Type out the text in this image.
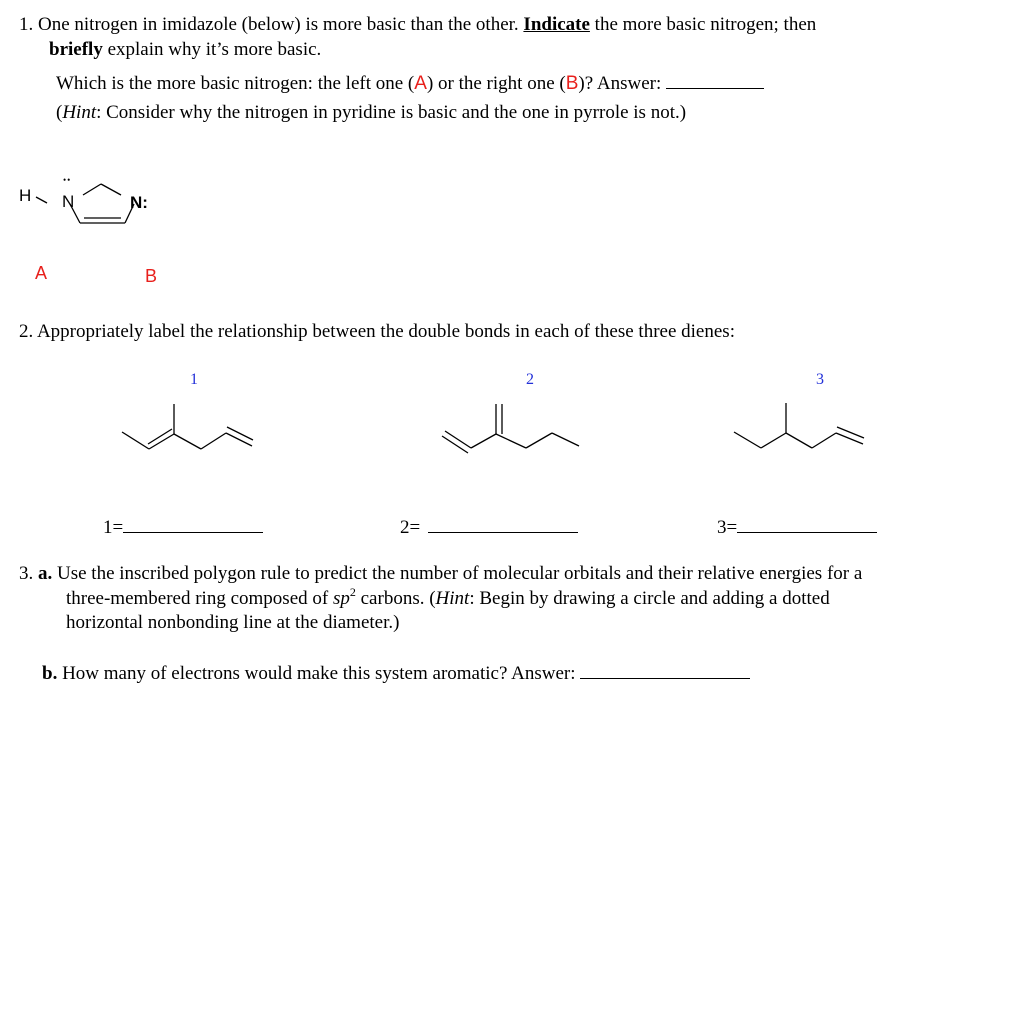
1. One nitrogen in imidazole (below) is more basic than the other. Indicate the more basic nitrogen; then
briefly explain why it’s more basic.
Which is the more basic nitrogen: the left one (A) or the right one (B)? Answer:
(Hint: Consider why the nitrogen in pyridine is basic and the one in pyrrole is not.)
H N
••
N:
A	B
2. Appropriately label the relationship between the double bonds in each of these three dienes:
1	2	3
1=	2=	3=
3. a. Use the inscribed polygon rule to predict the number of molecular orbitals and their relative energies for a
three-membered ring composed of $sp^2$ carbons. (Hint: Begin by drawing a circle and adding a dotted
horizontal nonbonding line at the diameter.)
b. How many of electrons would make this system aromatic? Answer:
